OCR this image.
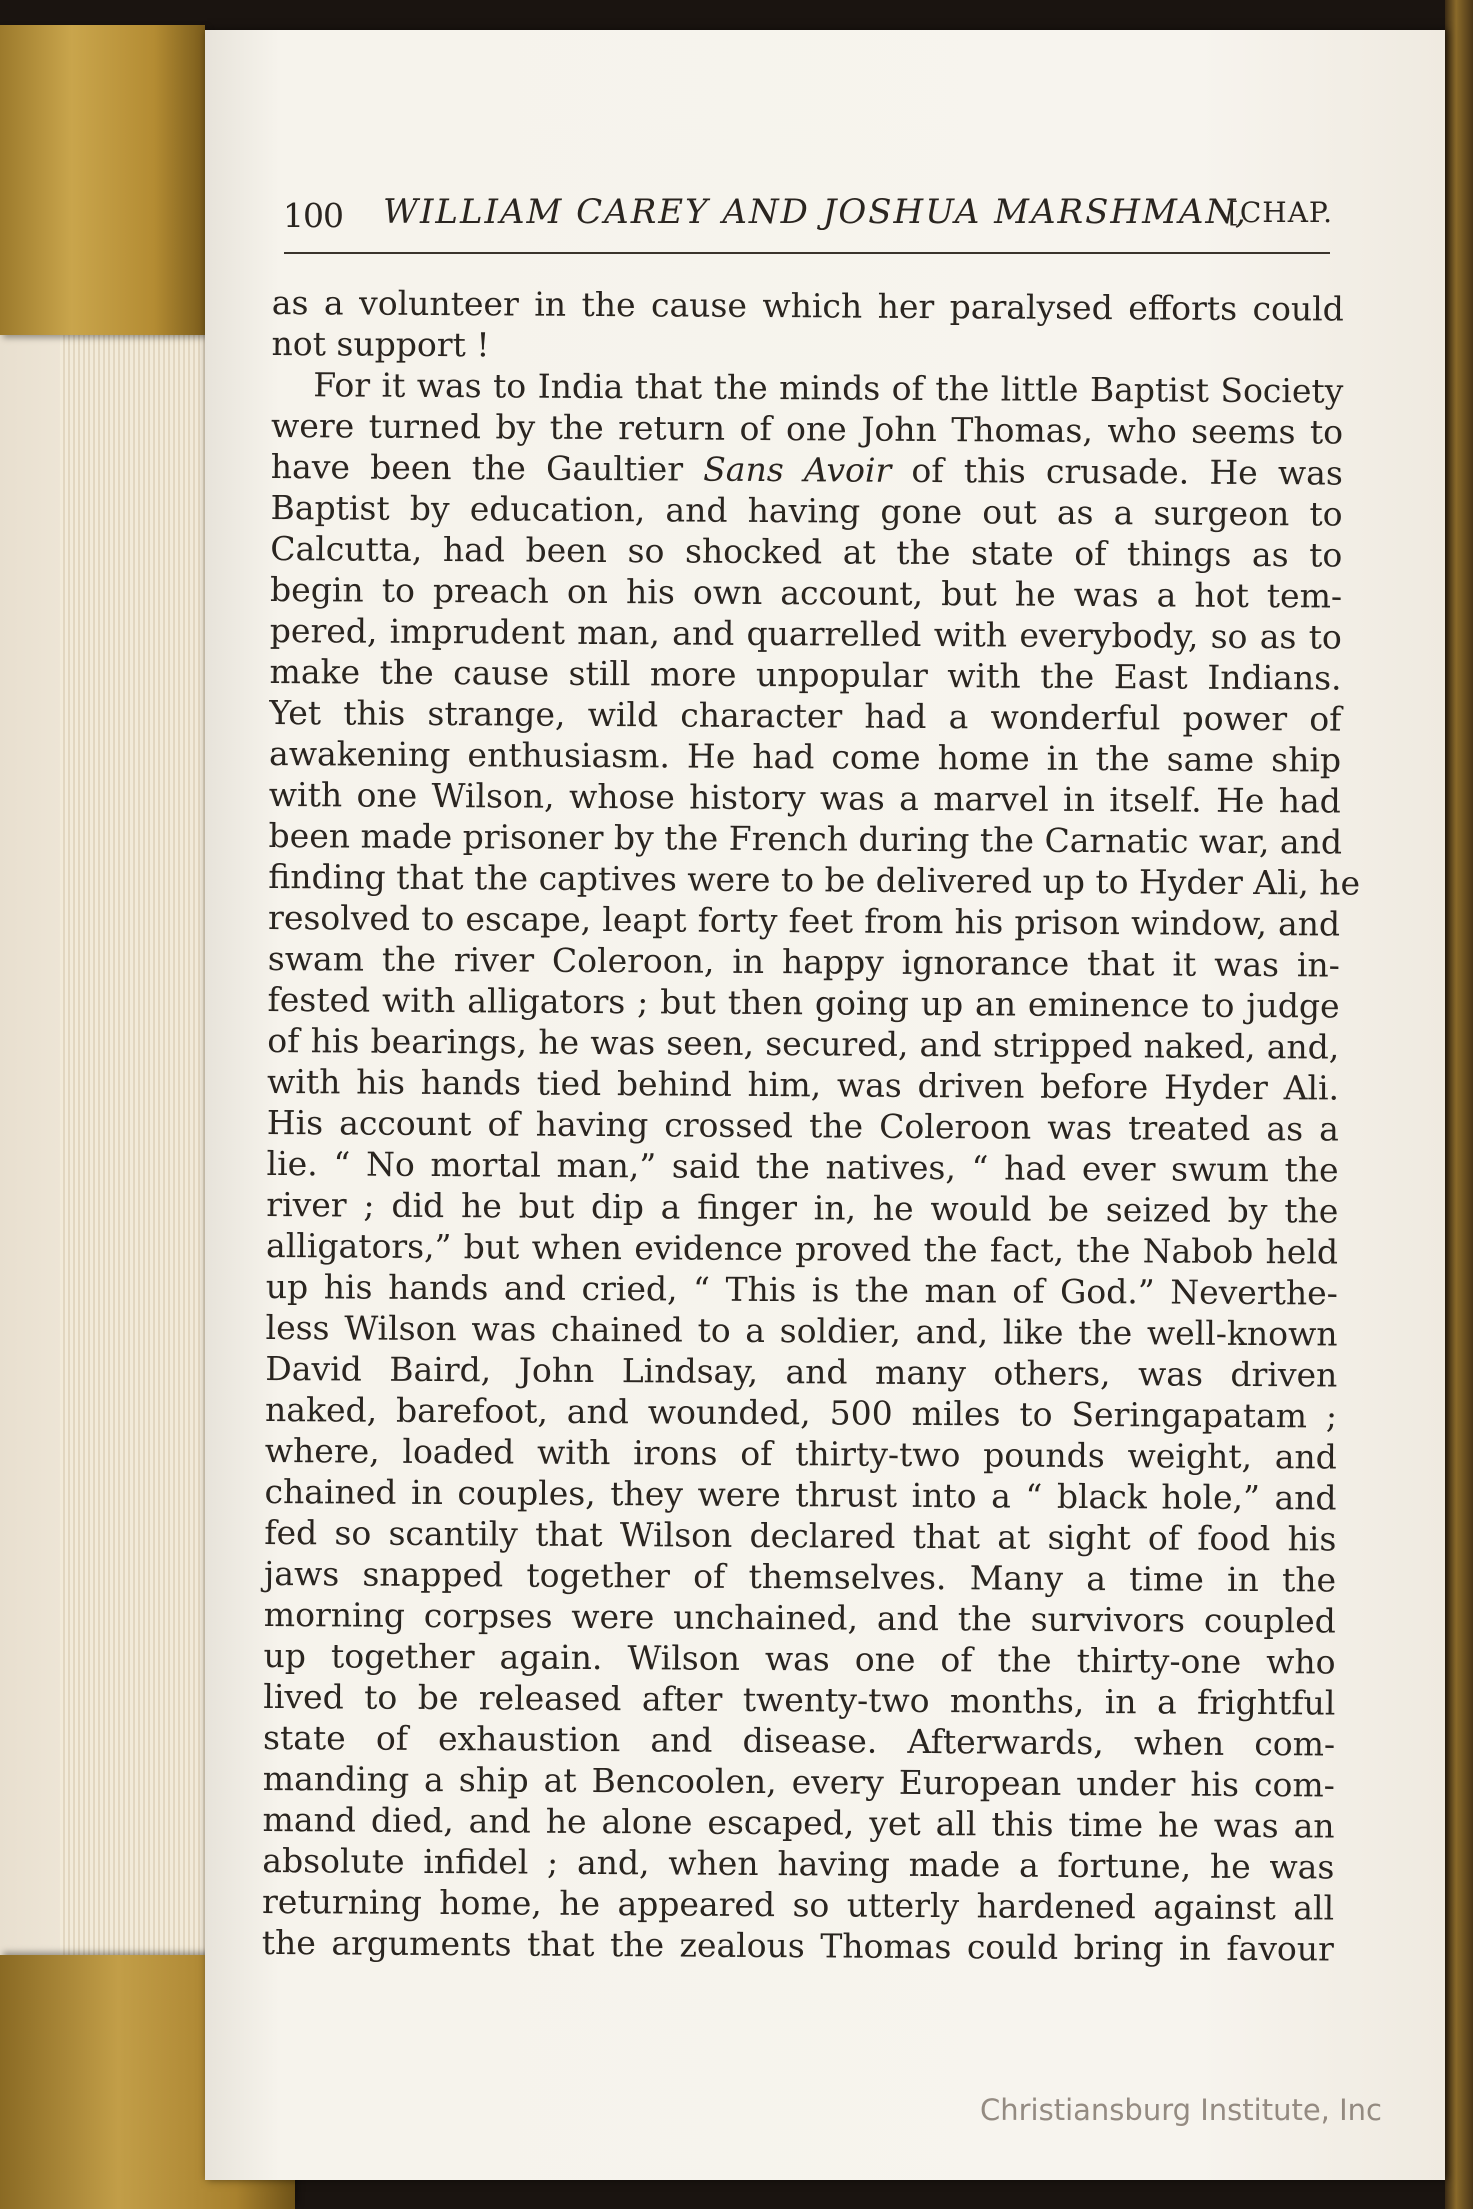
100 WILLIAM CAREY AND JOSHUA MARSHMAN,
[CHAP.
as a volunteer in the cause which her paralysed efforts could
not support !
For it was to India that the minds of the little Baptist Society
were turned by the return of one John Thomas, who seems to
have been the Gaultier Sans Avoir of this crusade. He was
Baptist by education, and having gone out as a surgeon to
Calcutta, had been so shocked at the state of things as to
begin to preach on his own account, but he was a hot tem-
pered, imprudent man, and quarrelled with everybody, so as to
make the cause still more unpopular with the East Indians.
Yet this strange, wild character had a wonderful power of
awakening enthusiasm. He had come home in the same ship
with one Wilson, whose history was a marvel in itself. He had
been made prisoner by the French during the Carnatic war, and
finding that the captives were to be delivered up to Hyder Ali, he
resolved to escape, leapt forty feet from his prison window, and
swam the river Coleroon, in happy ignorance that it was in-
fested with alligators ; but then going up an eminence to judge
of his bearings, he was seen, secured, and stripped naked, and,
with his hands tied behind him, was driven before Hyder Ali.
His account of having crossed the Coleroon was treated as a
lie. “ No mortal man,” said the natives, “ had ever swum the
river ; did he but dip a finger in, he would be seized by the
alligators,” but when evidence proved the fact, the Nabob held
up his hands and cried, “ This is the man of God.” Neverthe-
less Wilson was chained to a soldier, and, like the well-known
David Baird, John Lindsay, and many others, was driven
naked, barefoot, and wounded, 500 miles to Seringapatam ;
where, loaded with irons of thirty-two pounds weight, and
chained in couples, they were thrust into a “ black hole,” and
fed so scantily that Wilson declared that at sight of food his
jaws snapped together of themselves. Many a time in the
morning corpses were unchained, and the survivors coupled
up together again. Wilson was one of the thirty-one who
lived to be released after twenty-two months, in a frightful
state of exhaustion and disease. Afterwards, when com-
manding a ship at Bencoolen, every European under his com-
mand died, and he alone escaped, yet all this time he was an
absolute infidel ; and, when having made a fortune, he was
returning home, he appeared so utterly hardened against all
the arguments that the zealous Thomas could bring in favour
Christiansburg Institute, Inc
